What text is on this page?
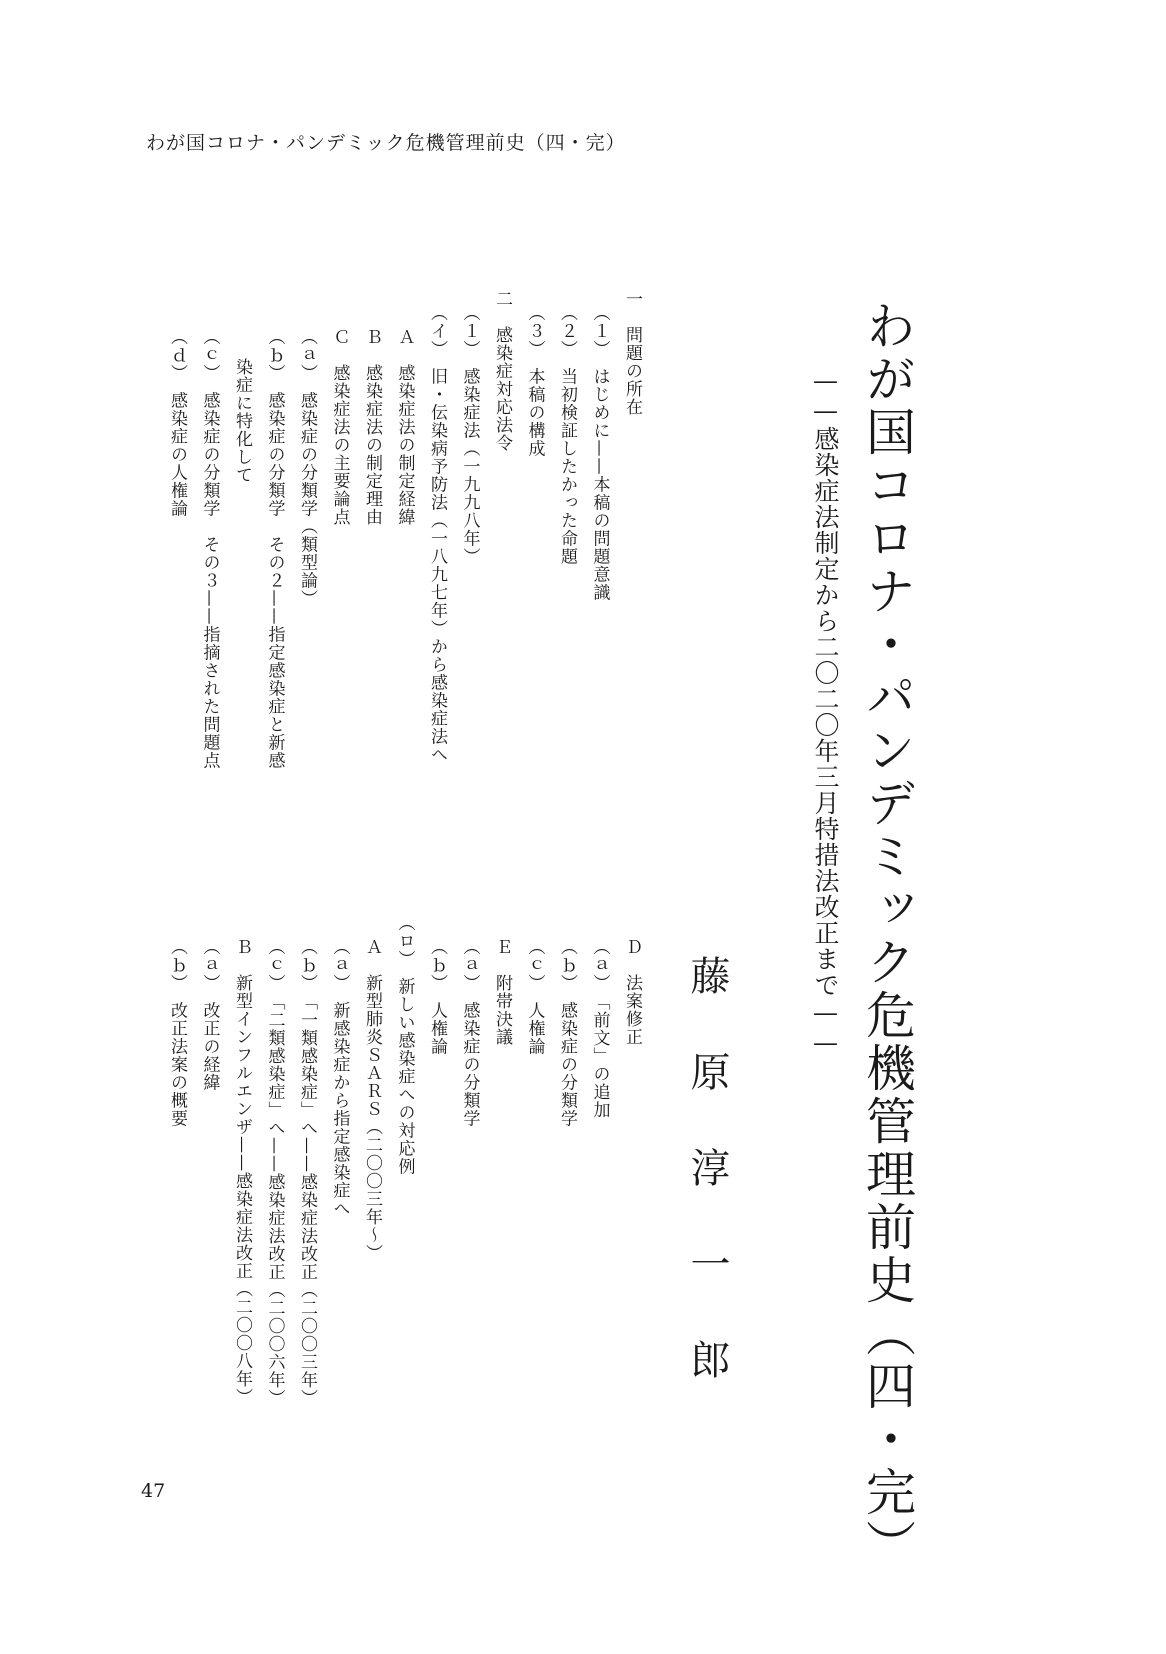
わが国コロナ・パンデミック危機管理前史（四・完）
わが国コロナ・パンデミック危機管理前史（四・完）
——感染症法制定から二〇二〇年三月特措法改正まで——
藤原淳一郎
一　問題の所在
（１）　はじめに——本稿の問題意識
（２）　当初検証したかった命題
（３）　本稿の構成
二　感染症対応法令
（１）　感染症法（一九九八年）
（イ）　旧・伝染病予防法（一八九七年）から感染症法へ
Ａ　感染症法の制定経緯
Ｂ　感染症法の制定理由
Ｃ　感染症法の主要論点
（ａ）　感染症の分類学（類型論）
（ｂ）　感染症の分類学　その２——指定感染症と新感
染症に特化して
（ｃ）　感染症の分類学　その３——指摘された問題点
（ｄ）　感染症の人権論
Ｄ　法案修正
（ａ）　「前文」の追加
（ｂ）　感染症の分類学
（ｃ）　人権論
Ｅ　附帯決議
（ａ）　感染症の分類学
（ｂ）　人権論
（ロ）　新しい感染症への対応例
Ａ　新型肺炎ＳＡＲＳ（二〇〇三年〜）
（ａ）　新感染症から指定感染症へ
（ｂ）　「一類感染症」へ——感染症法改正（二〇〇三年）
（ｃ）　「二類感染症」へ——感染症法改正（二〇〇六年）
Ｂ　新型インフルエンザ——感染症法改正（二〇〇八年）
（ａ）　改正の経緯
（ｂ）　改正法案の概要
47
